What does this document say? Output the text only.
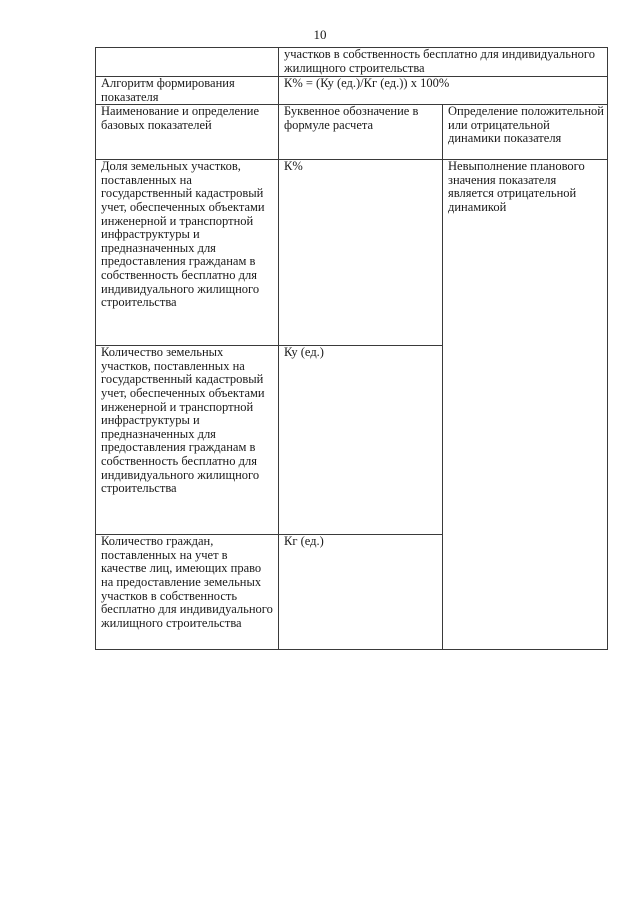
10

	участков в собственность бесплатно для индивидуального жилищного строительства	

Алгоритм формирования показателя	К% = (Ку (ед.)/Кг (ед.)) х 100%	

Наименование и определение базовых показателей	Буквенное обозначение в формуле расчета	Определение положительной или отрицательной динамики показателя

Доля земельных участков, поставленных на государственный кадастровый учет, обеспеченных объектами инженерной и транспортной инфраструктуры и предназначенных для предоставления гражданам в собственность бесплатно для индивидуального жилищного строительства	К%	Невыполнение планового значения показателя является отрицательной динамикой

Количество земельных участков, поставленных на государственный кадастровый учет, обеспеченных объектами инженерной и транспортной инфраструктуры и предназначенных для предоставления гражданам в собственность бесплатно для индивидуального жилищного строительства	Ку (ед.)	

Количество граждан, поставленных на учет в качестве лиц, имеющих право на предоставление земельных участков в собственность бесплатно для индивидуального жилищного строительства	Кг (ед.)	
